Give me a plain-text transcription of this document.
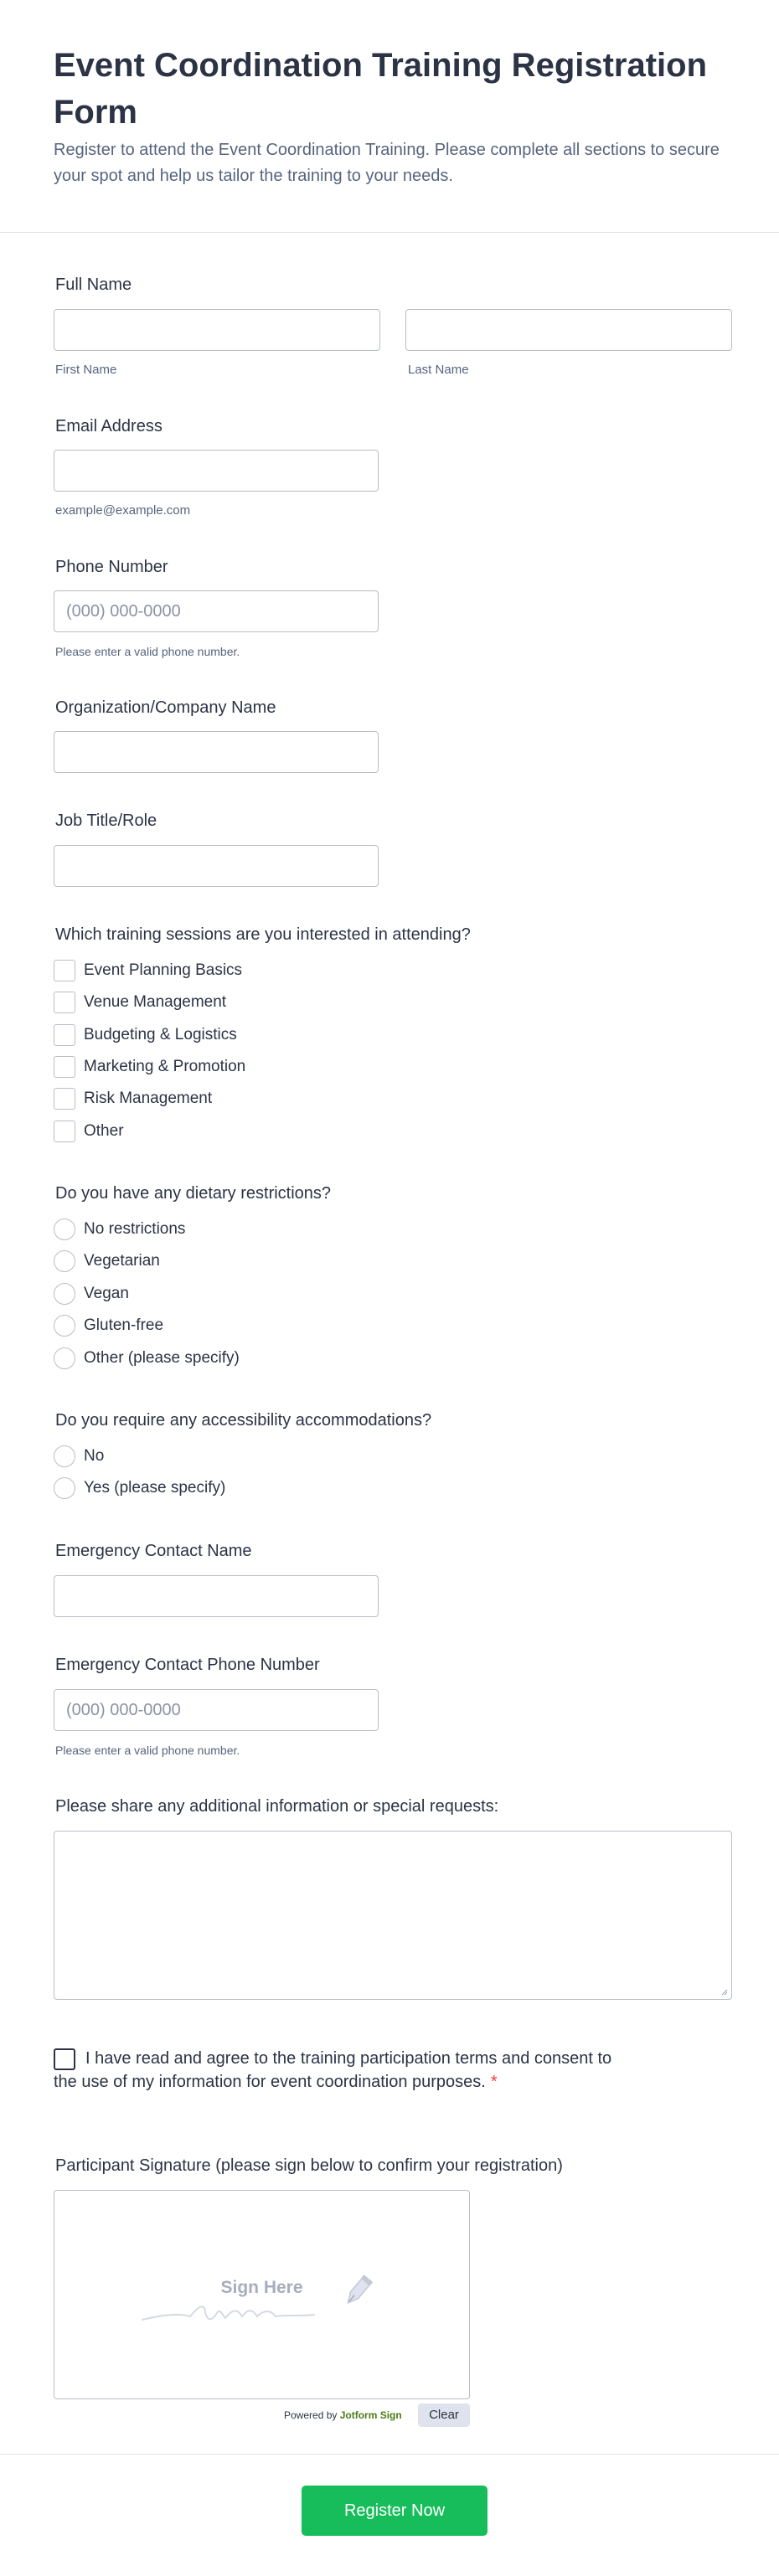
Event Coordination Training Registration Form

Register to attend the Event Coordination Training. Please complete all sections to secure your spot and help us tailor the training to your needs.

Full Name
First Name	Last Name
Email Address
example@example.com
Phone Number
(000) 000-0000
Please enter a valid phone number.
Organization/Company Name
Job Title/Role
Which training sessions are you interested in attending?
Event Planning Basics
Venue Management
Budgeting & Logistics
Marketing & Promotion
Risk Management
Other
Do you have any dietary restrictions?
No restrictions
Vegetarian
Vegan
Gluten-free
Other (please specify)
Do you require any accessibility accommodations?
No
Yes (please specify)
Emergency Contact Name
Emergency Contact Phone Number
(000) 000-0000
Please enter a valid phone number.
Please share any additional information or special requests:
I have read and agree to the training participation terms and consent to
the use of my information for event coordination purposes. *
Participant Signature (please sign below to confirm your registration)
Sign Here
Powered by Jotform Sign	Clear
Register Now
